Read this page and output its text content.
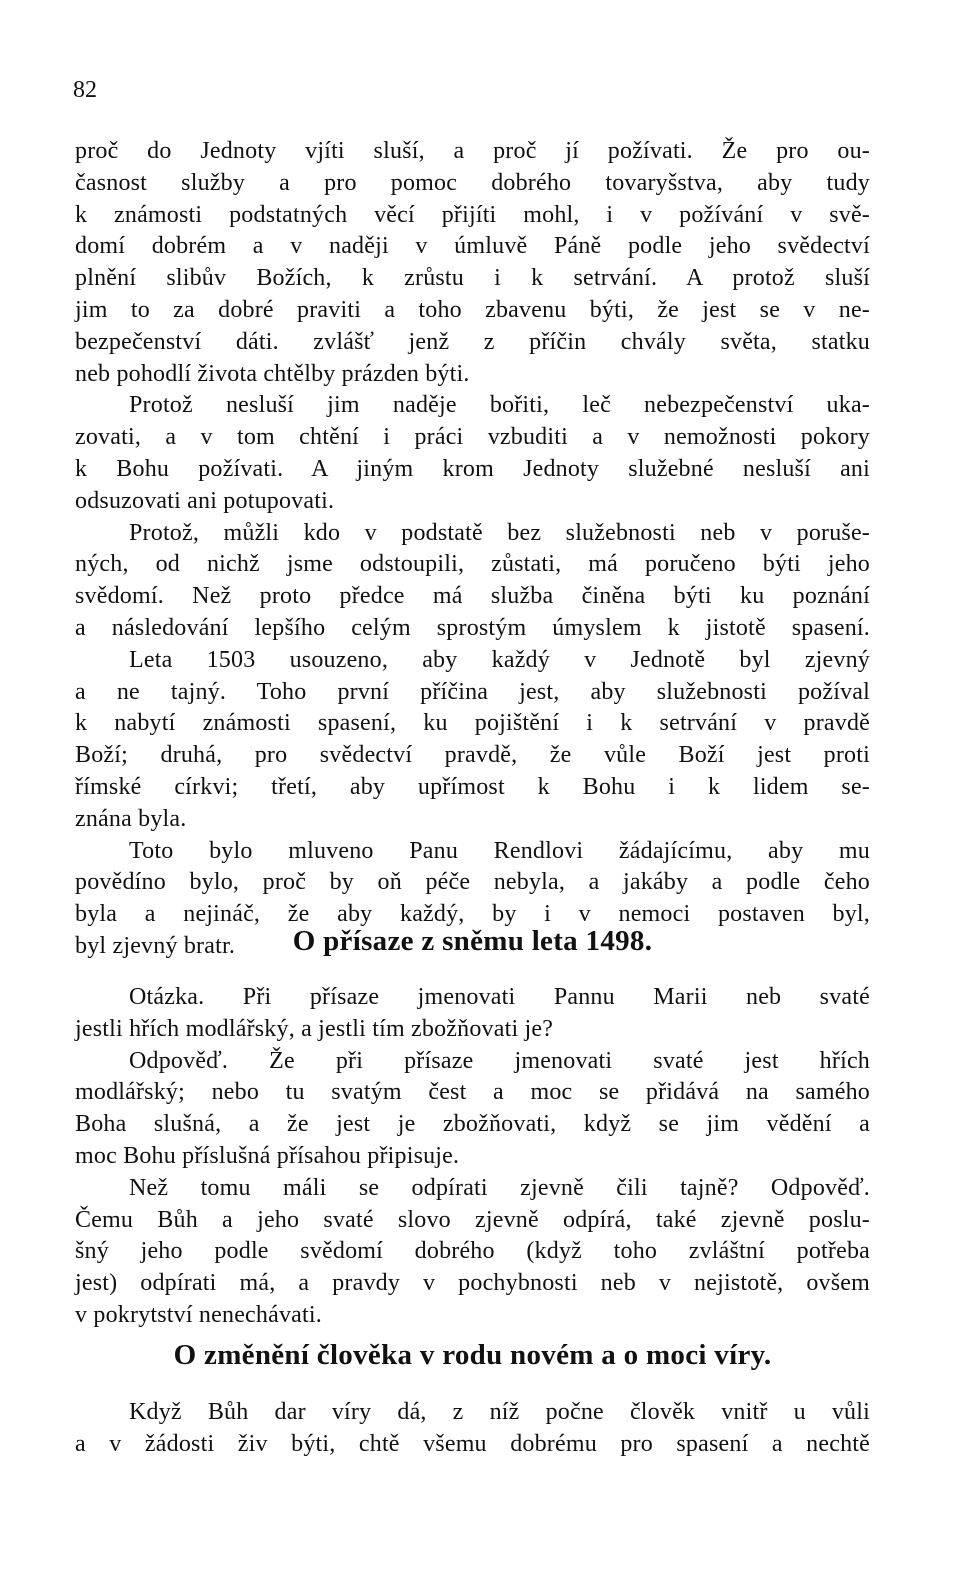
82
proč do Jednoty vjíti sluší, a proč jí požívati. Že pro ou-
časnost služby a pro pomoc dobrého tovaryšstva, aby tudy
k známosti podstatných věcí přijíti mohl, i v požívání v svě-
domí dobrém a v naději v úmluvě Páně podle jeho svědectví
plnění slibův Božích, k zrůstu i k setrvání. A protož sluší
jim to za dobré praviti a toho zbavenu býti, že jest se v ne-
bezpečenství dáti. zvlášť jenž z příčin chvály světa, statku
neb pohodlí života chtělby prázden býti.
Protož nesluší jim naděje bořiti, leč nebezpečenství uka-
zovati, a v tom chtění i práci vzbuditi a v nemožnosti pokory
k Bohu požívati. A jiným krom Jednoty služebné nesluší ani
odsuzovati ani potupovati.
Protož, můžli kdo v podstatě bez služebnosti neb v poruše-
ných, od nichž jsme odstoupili, zůstati, má poručeno býti jeho
svědomí. Než proto předce má služba činěna býti ku poznání
a následování lepšího celým sprostým úmyslem k jistotě spasení.
Leta 1503 usouzeno, aby každý v Jednotě byl zjevný
a ne tajný. Toho první příčina jest, aby služebnosti požíval
k nabytí známosti spasení, ku pojištění i k setrvání v pravdě
Boží; druhá, pro svědectví pravdě, že vůle Boží jest proti
římské církvi; třetí, aby upřímost k Bohu i k lidem se-
znána byla.
Toto bylo mluveno Panu Rendlovi žádajícímu, aby mu
povědíno bylo, proč by oň péče nebyla, a jakáby a podle čeho
byla a nejináč, že aby každý, by i v nemoci postaven byl,
byl zjevný bratr.	O přísaze z sněmu leta 1498.
Otázka. Při přísaze jmenovati Pannu Marii neb svaté
jestli hřích modlářský, a jestli tím zbožňovati je?
Odpověď. Že při přísaze jmenovati svaté jest hřích
modlářský; nebo tu svatým čest a moc se přidává na samého
Boha slušná, a že jest je zbožňovati, když se jim vědění a
moc Bohu příslušná přísahou připisuje.
Než tomu máli se odpírati zjevně čili tajně? Odpověď.
Čemu Bůh a jeho svaté slovo zjevně odpírá, také zjevně poslu-
šný jeho podle svědomí dobrého (když toho zvláštní potřeba
jest) odpírati má, a pravdy v pochybnosti neb v nejistotě, ovšem
v pokrytství nenechávati.
O změnění člověka v rodu novém a o moci víry.
Když Bůh dar víry dá, z níž počne člověk vnitř u vůli
a v žádosti živ býti, chtě všemu dobrému pro spasení a nechtě
